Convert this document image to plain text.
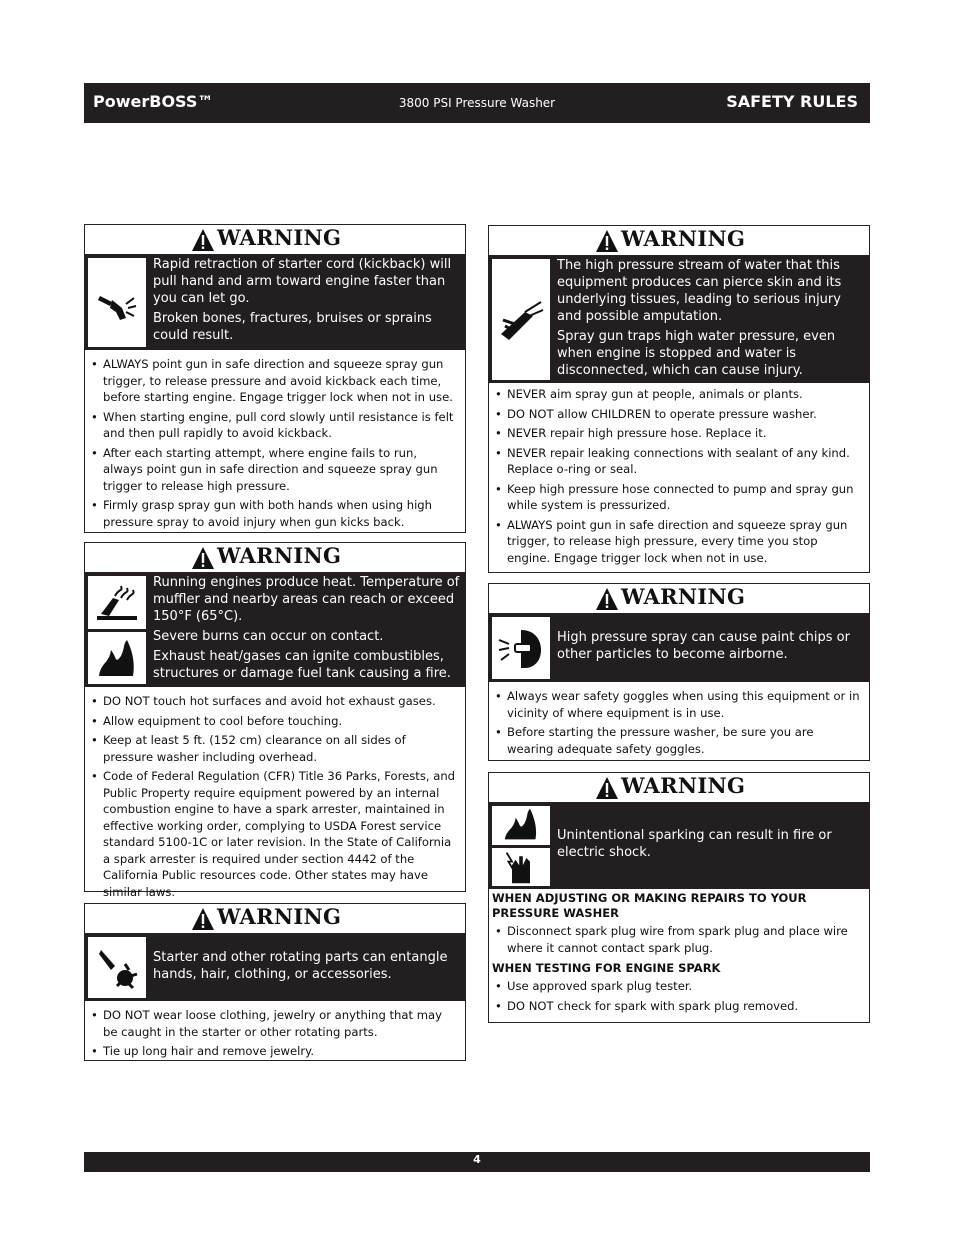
PowerBOSS™	3800 PSI Pressure Washer	SAFETY RULES
WARNING

Rapid retraction of starter cord (kickback) will pull hand and arm toward engine faster than you can let go.

Broken bones, fractures, bruises or sprains could result.

• ALWAYS point gun in safe direction and squeeze spray gun trigger, to release pressure and avoid kickback each time, before starting engine. Engage trigger lock when not in use.
• When starting engine, pull cord slowly until resistance is felt and then pull rapidly to avoid kickback.
• After each starting attempt, where engine fails to run, always point gun in safe direction and squeeze spray gun trigger to release high pressure.
• Firmly grasp spray gun with both hands when using high pressure spray to avoid injury when gun kicks back.
WARNING

Running engines produce heat. Temperature of muffler and nearby areas can reach or exceed 150°F (65°C).

Severe burns can occur on contact.

Exhaust heat/gases can ignite combustibles, structures or damage fuel tank causing a fire.

• DO NOT touch hot surfaces and avoid hot exhaust gases.
• Allow equipment to cool before touching.
• Keep at least 5 ft. (152 cm) clearance on all sides of pressure washer including overhead.
• Code of Federal Regulation (CFR) Title 36 Parks, Forests, and Public Property require equipment powered by an internal combustion engine to have a spark arrester, maintained in effective working order, complying to USDA Forest service standard 5100-1C or later revision. In the State of California a spark arrester is required under section 4442 of the California Public resources code. Other states may have similar laws.
WARNING

Starter and other rotating parts can entangle hands, hair, clothing, or accessories.

• DO NOT wear loose clothing, jewelry or anything that may be caught in the starter or other rotating parts.
• Tie up long hair and remove jewelry.
WARNING

The high pressure stream of water that this equipment produces can pierce skin and its underlying tissues, leading to serious injury and possible amputation.

Spray gun traps high water pressure, even when engine is stopped and water is disconnected, which can cause injury.

• NEVER aim spray gun at people, animals or plants.
• DO NOT allow CHILDREN to operate pressure washer.
• NEVER repair high pressure hose. Replace it.
• NEVER repair leaking connections with sealant of any kind. Replace o-ring or seal.
• Keep high pressure hose connected to pump and spray gun while system is pressurized.
• ALWAYS point gun in safe direction and squeeze spray gun trigger, to release high pressure, every time you stop engine. Engage trigger lock when not in use.
WARNING

High pressure spray can cause paint chips or other particles to become airborne.

• Always wear safety goggles when using this equipment or in vicinity of where equipment is in use.
• Before starting the pressure washer, be sure you are wearing adequate safety goggles.
WARNING

Unintentional sparking can result in fire or electric shock.

WHEN ADJUSTING OR MAKING REPAIRS TO YOUR PRESSURE WASHER
• Disconnect spark plug wire from spark plug and place wire where it cannot contact spark plug.
WHEN TESTING FOR ENGINE SPARK
• Use approved spark plug tester.
• DO NOT check for spark with spark plug removed.
4
